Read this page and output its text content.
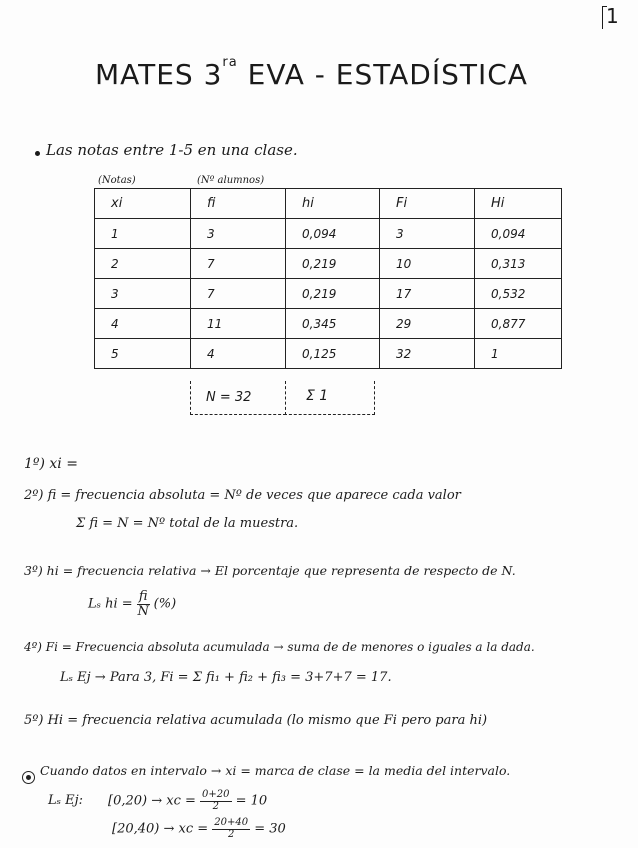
1
MATES $3^{ra}$ EVA - ESTADÍSTICA
Las notas entre 1-5 en una clase.
(Notas)	(Nº alumnos)
xi	fi	hi	Fi	Hi
1	3	0,094	3	0,094
2	7	0,219	10	0,313
3	7	0,219	17	0,532
4	11	0,345	29	0,877
5	4	0,125	32	1
N = 32	Σ 1
1º) xi =
2º) fi = frecuencia absoluta = Nº de veces que aparece cada valor
Σ fi = N = Nº total de la muestra.
3º) hi = frecuencia relativa → El porcentaje que representa de respecto de N.
Lₛ hi = $\frac{fi}{N}$ (%)
4º) Fi = Frecuencia absoluta acumulada → suma de de menores o iguales a la dada.
Lₛ Ej → Para 3, Fi = Σ fi₁ + fi₂ + fi₃ = 3+7+7 = 17.
5º) Hi = frecuencia relativa acumulada (lo mismo que Fi pero para hi)
Cuando datos en intervalo → xi = marca de clase = la media del intervalo.
Lₛ Ej: [0,20) → xc = $\frac{0+20}{2} = 10$
[20,40) → xc = $\frac{20+40}{2} = 30$
